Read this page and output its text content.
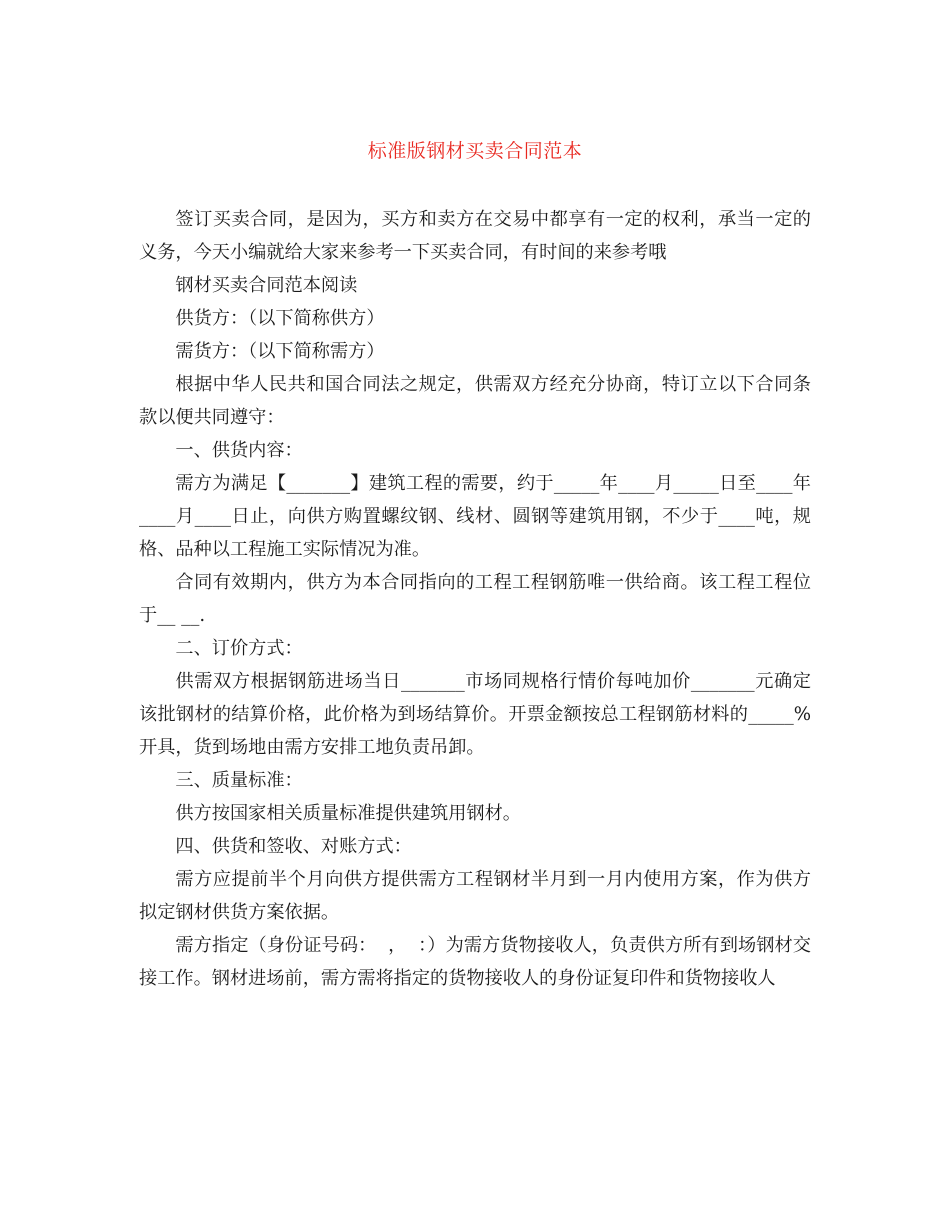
标准版钢材买卖合同范本

签订买卖合同，是因为，买方和卖方在交易中都享有一定的权利，承当一定的义务，今天小编就给大家来参考一下买卖合同，有时间的来参考哦

钢材买卖合同范本阅读

供货方：（以下简称供方）

需货方：（以下简称需方）

根据中华人民共和国合同法之规定，供需双方经充分协商，特订立以下合同条款以便共同遵守：

一、供货内容：

需方为满足【_______】建筑工程的需要，约于_____年____月_____日至____年____月____日止，向供方购置螺纹钢、线材、圆钢等建筑用钢，不少于____吨，规格、品种以工程施工实际情况为准。

合同有效期内，供方为本合同指向的工程工程钢筋唯一供给商。该工程工程位于__ __.

二、订价方式：

供需双方根据钢筋进场当日_______市场同规格行情价每吨加价_______元确定该批钢材的结算价格，此价格为到场结算价。开票金额按总工程钢筋材料的_____%开具，货到场地由需方安排工地负责吊卸。

三、质量标准：

供方按国家相关质量标准提供建筑用钢材。

四、供货和签收、对账方式：

需方应提前半个月向供方提供需方工程钢材半月到一月内使用方案，作为供方拟定钢材供货方案依据。

需方指定（身份证号码：  ，  ：）为需方货物接收人，负责供方所有到场钢材交接工作。钢材进场前，需方需将指定的货物接收人的身份证复印件和货物接收人
